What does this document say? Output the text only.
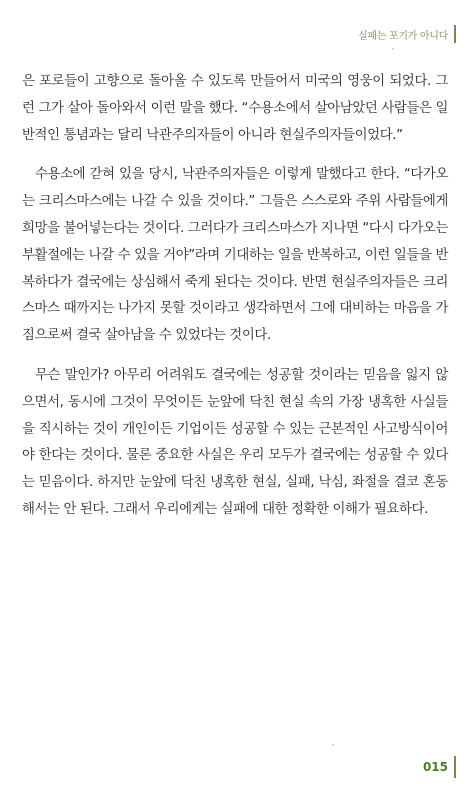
실패는 포기가 아니다

은 포로들이 고향으로 돌아올 수 있도록 만들어서 미국의 영웅이 되었다. 그런 그가 살아 돌아와서 이런 말을 했다. “수용소에서 살아남았던 사람들은 일반적인 통념과는 달리 낙관주의자들이 아니라 현실주의자들이었다.”

수용소에 갇혀 있을 당시, 낙관주의자들은 이렇게 말했다고 한다. “다가오는 크리스마스에는 나갈 수 있을 것이다.” 그들은 스스로와 주위 사람들에게 희망을 불어넣는다는 것이다. 그러다가 크리스마스가 지나면 “다시 다가오는 부활절에는 나갈 수 있을 거야”라며 기대하는 일을 반복하고, 이런 일들을 반복하다가 결국에는 상심해서 죽게 된다는 것이다. 반면 현실주의자들은 크리스마스 때까지는 나가지 못할 것이라고 생각하면서 그에 대비하는 마음을 가짐으로써 결국 살아남을 수 있었다는 것이다.

무슨 말인가? 아무리 어려워도 결국에는 성공할 것이라는 믿음을 잃지 않으면서, 동시에 그것이 무엇이든 눈앞에 닥친 현실 속의 가장 냉혹한 사실들을 직시하는 것이 개인이든 기업이든 성공할 수 있는 근본적인 사고방식이어야 한다는 것이다. 물론 중요한 사실은 우리 모두가 결국에는 성공할 수 있다는 믿음이다. 하지만 눈앞에 닥친 냉혹한 현실, 실패, 낙심, 좌절을 결코 혼동해서는 안 된다. 그래서 우리에게는 실패에 대한 정확한 이해가 필요하다.

015
